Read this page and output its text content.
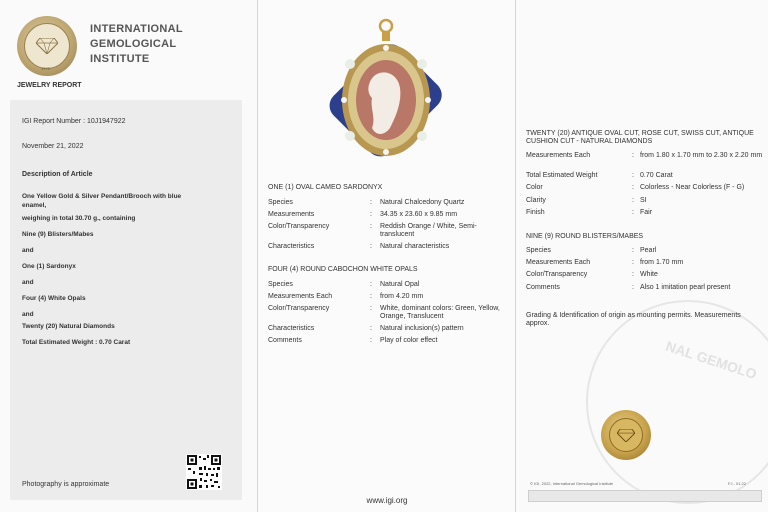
1975
INTERNATIONAL
GEMOLOGICAL
INSTITUTE
JEWELRY REPORT
IGI Report Number : 10J1947922
November 21, 2022
Description of Article
One Yellow Gold & Silver Pendant/Brooch with blue
enamel,
weighing in total 30.70 g., containing
Nine (9) Blisters/Mabes
and
One (1) Sardonyx
and
Four (4) White Opals
and
Twenty (20) Natural Diamonds
Total Estimated Weight : 0.70 Carat
Photography is approximate
ONE (1) OVAL CAMEO SARDONYX
Species	: Natural Chalcedony Quartz
Measurements	: 34.35 x 23.60 x 9.85 mm
Color/Transparency	: Reddish Orange / White, Semi-translucent
Characteristics	: Natural characteristics
FOUR (4) ROUND CABOCHON WHITE OPALS
Species	: Natural Opal
Measurements Each	: from 4.20 mm
Color/Transparency	: White, dominant colors: Green, Yellow, Orange, Translucent
Characteristics	: Natural inclusion(s) pattern
Comments	: Play of color effect
www.igi.org
NAL GEMOLO
TWENTY (20) ANTIQUE OVAL CUT, ROSE CUT, SWISS CUT, ANTIQUE CUSHION CUT - NATURAL DIAMONDS
Measurements Each	: from 1.80 x 1.70 mm to 2.30 x 2.20 mm
Total Estimated Weight	: 0.70 Carat
Color	: Colorless - Near Colorless (F - G)
Clarity	: SI
Finish	: Fair
NINE (9) ROUND BLISTERS/MABES
Species	: Pearl
Measurements Each	: from 1.70 mm
Color/Transparency	: White
Comments	: Also 1 imitation pearl present
Grading & Identification of origin as mounting permits. Measurements approx.
© IGI, 2022, International Gemological Institute	FJ - 01.22
